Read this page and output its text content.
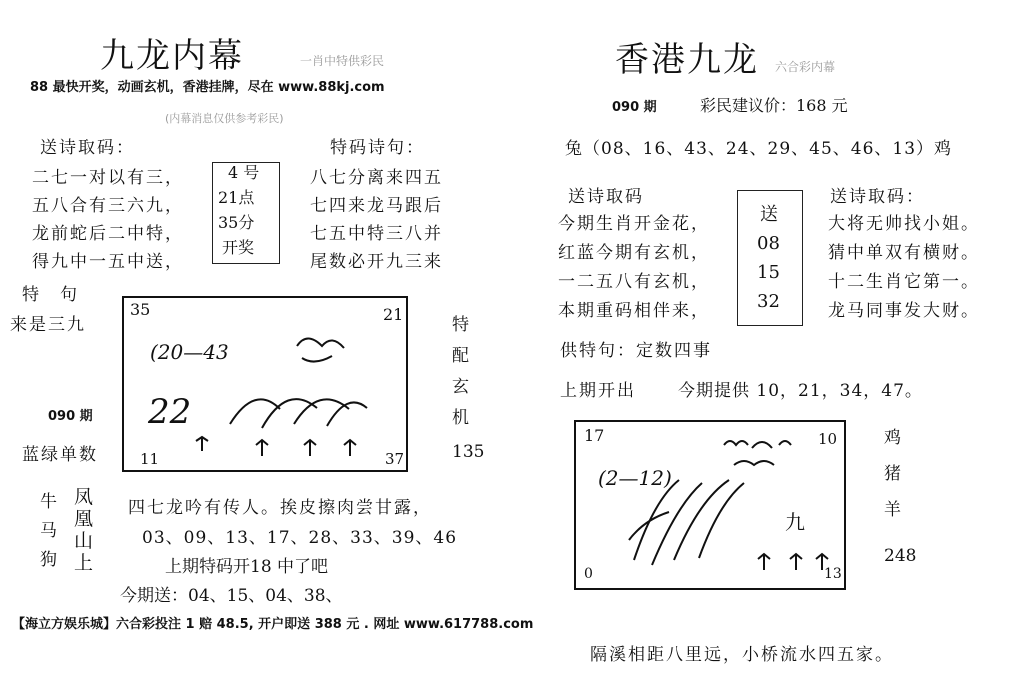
九龙内幕	一肖中特供彩民
88 最快开奖，动画玄机，香港挂牌，尽在 www.88kj.com
(内幕消息仅供参考彩民)
送诗取码：	特码诗句：
二七一对以有三，
五八合有三六九，
龙前蛇后二中特，
得九中一五中送，
4 号
21点
35分
开奖
八七分离来四五
七四来龙马跟后
七五中特三八并
尾数必开九三来
特　句
来是三九
090 期
蓝绿单数
35	21
(20—43
22
11	37
特
配
玄
机
135
牛
马
狗
凤
凰
山
上
四七龙吟有传人。挨皮擦肉尝甘露，
03、09、13、17、28、33、39、46
上期特码开18 中了吧
今期送：04、15、04、38、
【海立方娱乐城】六合彩投注 1 赔 48.5, 开户即送 388 元 . 网址 www.617788.com
香港九龙 六合彩内幕
090 期	彩民建议价：168 元
兔（08、16、43、24、29、45、46、13）鸡
送诗取码	送诗取码：
今期生肖开金花，
红蓝今期有玄机，
一二五八有玄机，
本期重码相伴来，
送
08
15
32
大将无帅找小姐。
猜中单双有横财。
十二生肖它第一。
龙马同事发大财。
供特句：定数四事
上期开出 今期提供 10，21，34，47。
17	10
(2—12)
九
0	13
鸡
猪
羊
248
隔溪相距八里远，小桥流水四五家。
